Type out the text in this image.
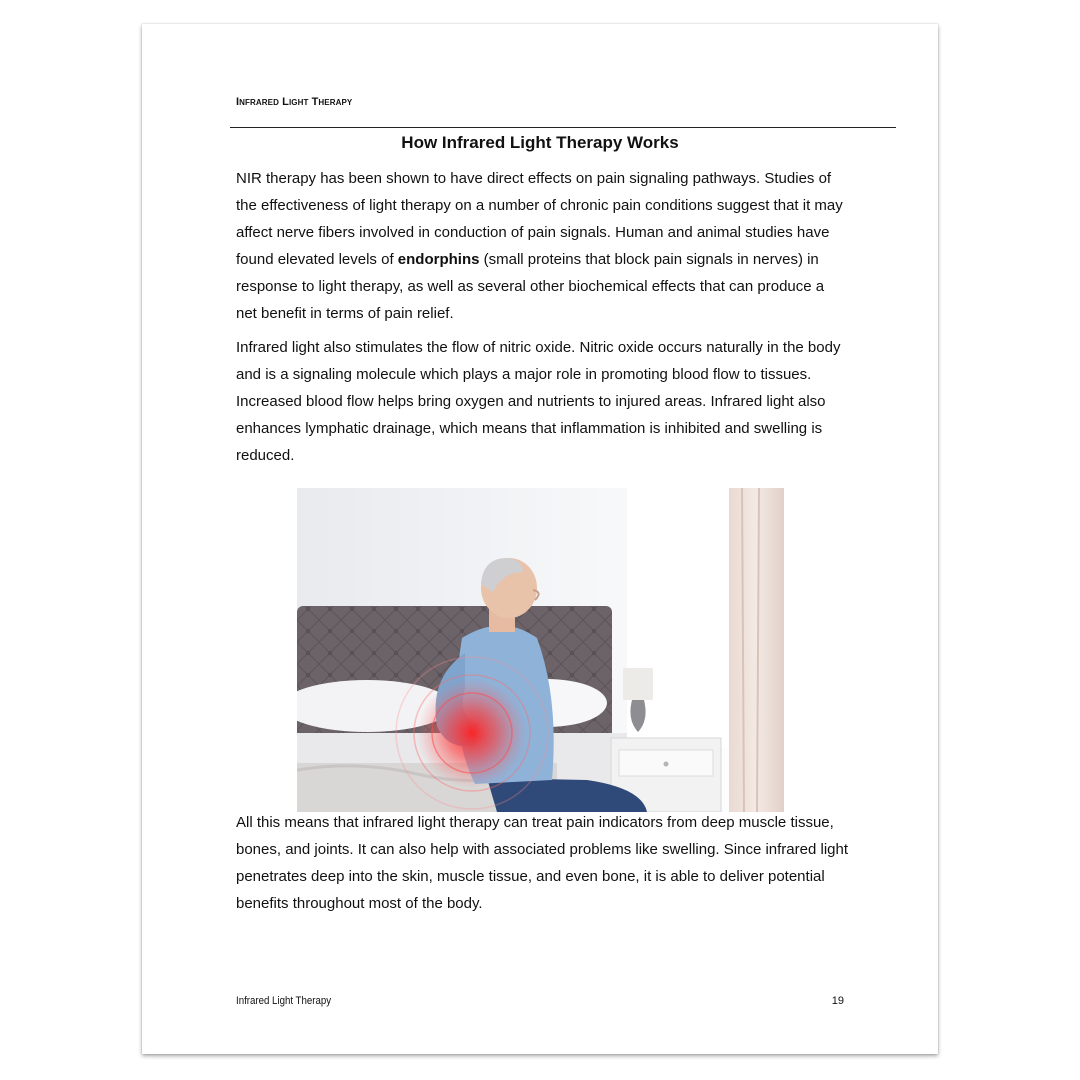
Infrared Light Therapy
How Infrared Light Therapy Works

NIR therapy has been shown to have direct effects on pain signaling pathways. Studies of the effectiveness of light therapy on a number of chronic pain conditions suggest that it may affect nerve fibers involved in conduction of pain signals. Human and animal studies have found elevated levels of endorphins (small proteins that block pain signals in nerves) in response to light therapy, as well as several other biochemical effects that can produce a net benefit in terms of pain relief.

Infrared light also stimulates the flow of nitric oxide. Nitric oxide occurs naturally in the body and is a signaling molecule which plays a major role in promoting blood flow to tissues. Increased blood flow helps bring oxygen and nutrients to injured areas. Infrared light also enhances lymphatic drainage, which means that inflammation is inhibited and swelling is reduced.

All this means that infrared light therapy can treat pain indicators from deep muscle tissue, bones, and joints. It can also help with associated problems like swelling. Since infrared light penetrates deep into the skin, muscle tissue, and even bone, it is able to deliver potential benefits throughout most of the body.

Infrared Light Therapy	19
